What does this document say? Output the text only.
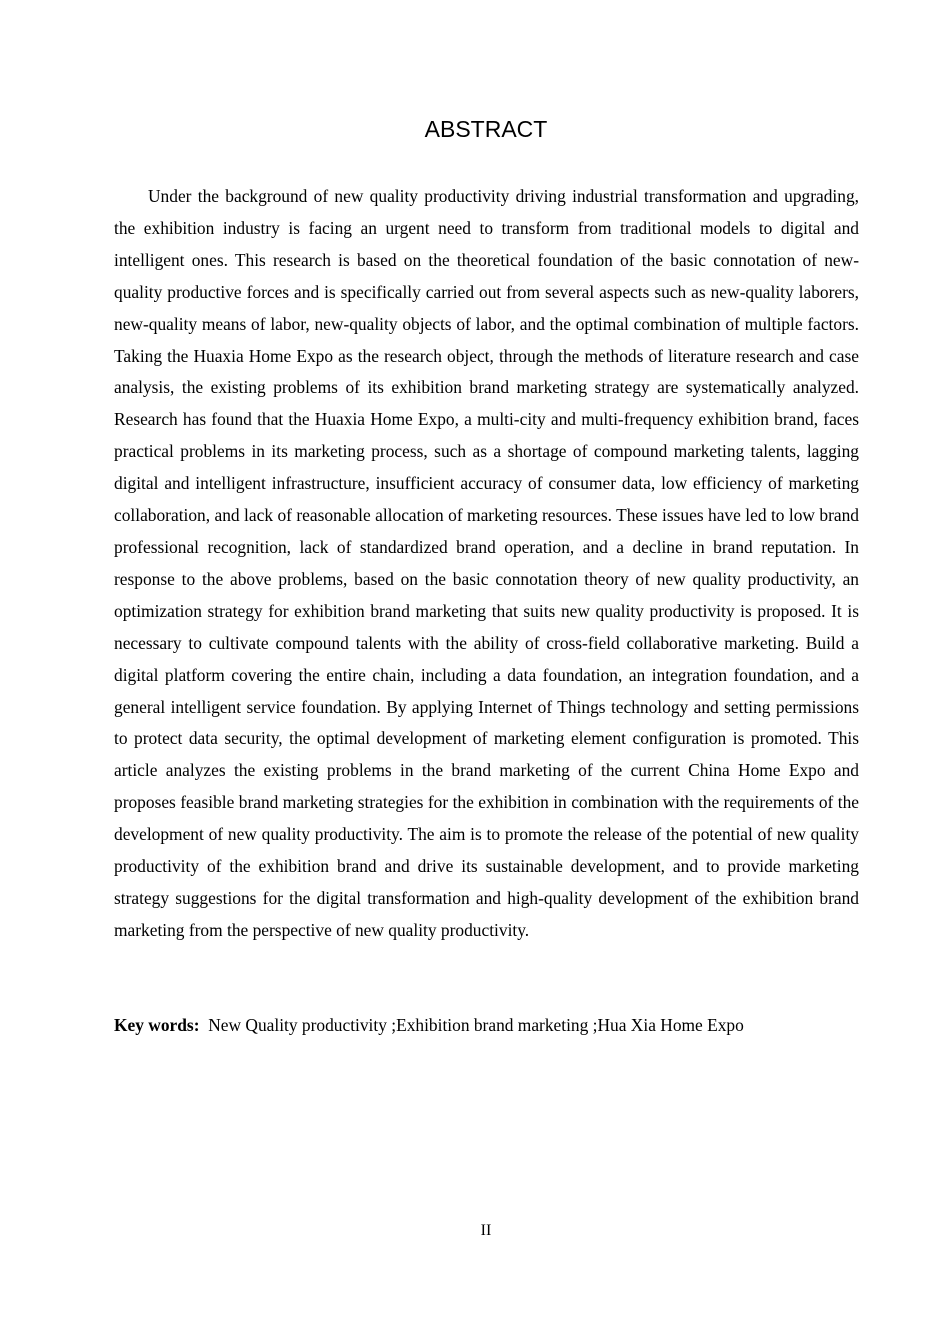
ABSTRACT

Under the background of new quality productivity driving industrial transformation and upgrading, the exhibition industry is facing an urgent need to transform from traditional models to digital and intelligent ones. This research is based on the theoretical foundation of the basic connotation of new-quality productive forces and is specifically carried out from several aspects such as new-quality laborers, new-quality means of labor, new-quality objects of labor, and the optimal combination of multiple factors. Taking the Huaxia Home Expo as the research object, through the methods of literature research and case analysis, the existing problems of its exhibition brand marketing strategy are systematically analyzed. Research has found that the Huaxia Home Expo, a multi-city and multi-frequency exhibition brand, faces practical problems in its marketing process, such as a shortage of compound marketing talents, lagging digital and intelligent infrastructure, insufficient accuracy of consumer data, low efficiency of marketing collaboration, and lack of reasonable allocation of marketing resources. These issues have led to low brand professional recognition, lack of standardized brand operation, and a decline in brand reputation. In response to the above problems, based on the basic connotation theory of new quality productivity, an optimization strategy for exhibition brand marketing that suits new quality productivity is proposed. It is necessary to cultivate compound talents with the ability of cross-field collaborative marketing. Build a digital platform covering the entire chain, including a data foundation, an integration foundation, and a general intelligent service foundation. By applying Internet of Things technology and setting permissions to protect data security, the optimal development of marketing element configuration is promoted. This article analyzes the existing problems in the brand marketing of the current China Home Expo and proposes feasible brand marketing strategies for the exhibition in combination with the requirements of the development of new quality productivity. The aim is to promote the release of the potential of new quality productivity of the exhibition brand and drive its sustainable development, and to provide marketing strategy suggestions for the digital transformation and high-quality development of the exhibition brand marketing from the perspective of new quality productivity.

Key words: New Quality productivity ;Exhibition brand marketing ;Hua Xia Home Expo

II
